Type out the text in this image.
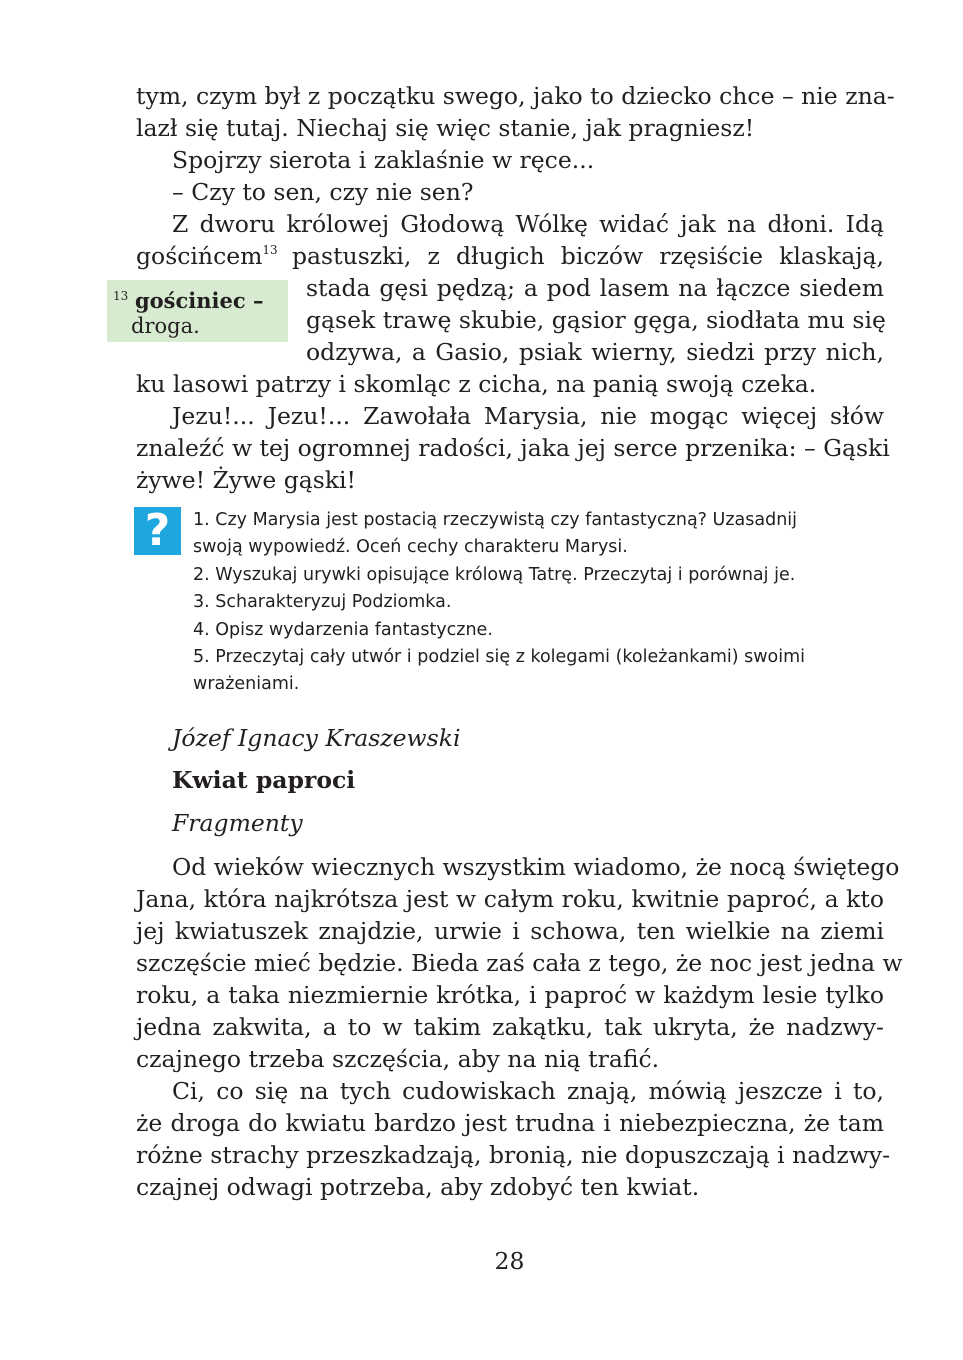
tym, czym był z początku swego, jako to dziecko chce – nie zna-
lazł się tutaj. Niechaj się więc stanie, jak pragniesz!
Spojrzy sierota i zaklaśnie w ręce...
– Czy to sen, czy nie sen?
Z dworu królowej Głodową Wólkę widać jak na dłoni. Idą
gościńcem$^{13}$ pastuszki, z długich biczów rzęsiście klaskają,
$^{13}$ gościniec –
droga.
stada gęsi pędzą; a pod lasem na łączce siedem
gąsek trawę skubie, gąsior gęga, siodłata mu się
odzywa, a Gasio, psiak wierny, siedzi przy nich,
ku lasowi patrzy i skomląc z cicha, na panią swoją czeka.
Jezu!... Jezu!... Zawołała Marysia, nie mogąc więcej słów
znaleźć w tej ogromnej radości, jaka jej serce przenika: – Gąski
żywe! Żywe gąski!
?	1. Czy Marysia jest postacią rzeczywistą czy fantastyczną? Uzasadnij
swoją wypowiedź. Oceń cechy charakteru Marysi.
2. Wyszukaj urywki opisujące królową Tatrę. Przeczytaj i porównaj je.
3. Scharakteryzuj Podziomka.
4. Opisz wydarzenia fantastyczne.
5. Przeczytaj cały utwór i podziel się z kolegami (koleżankami) swoimi
wrażeniami.
Józef Ignacy Kraszewski
Kwiat paproci
Fragmenty
Od wieków wiecznych wszystkim wiadomo, że nocą świętego
Jana, która najkrótsza jest w całym roku, kwitnie paproć, a kto
jej kwiatuszek znajdzie, urwie i schowa, ten wielkie na ziemi
szczęście mieć będzie. Bieda zaś cała z tego, że noc jest jedna w
roku, a taka niezmiernie krótka, i paproć w każdym lesie tylko
jedna zakwita, a to w takim zakątku, tak ukryta, że nadzwy-
czajnego trzeba szczęścia, aby na nią trafić.
Ci, co się na tych cudowiskach znają, mówią jeszcze i to,
że droga do kwiatu bardzo jest trudna i niebezpieczna, że tam
różne strachy przeszkadzają, bronią, nie dopuszczają i nadzwy-
czajnej odwagi potrzeba, aby zdobyć ten kwiat.
28
